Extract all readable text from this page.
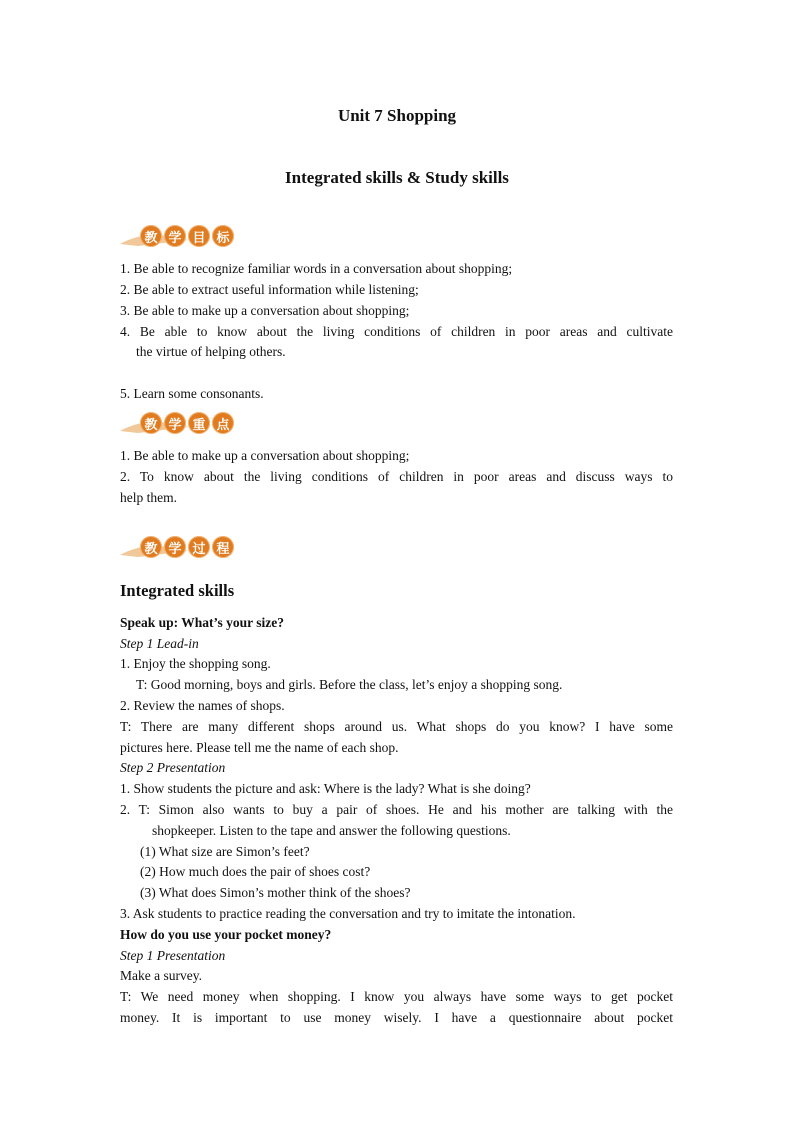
Unit 7 Shopping
Integrated skills & Study skills
教 学 目 标
1. Be able to recognize familiar words in a conversation about shopping;
2. Be able to extract useful information while listening;
3. Be able to make up a conversation about shopping;
4. Be able to know about the living conditions of children in poor areas and cultivate
the virtue of helping others.
5. Learn some consonants.
教 学 重 点
1. Be able to make up a conversation about shopping;
2. To know about the living conditions of children in poor areas and discuss ways to
help them.
教 学 过 程
Integrated skills
Speak up: What’s your size?
Step 1 Lead-in
1. Enjoy the shopping song.
T: Good morning, boys and girls. Before the class, let’s enjoy a shopping song.
2. Review the names of shops.
T: There are many different shops around us. What shops do you know? I have some
pictures here. Please tell me the name of each shop.
Step 2 Presentation
1. Show students the picture and ask: Where is the lady? What is she doing?
2. T: Simon also wants to buy a pair of shoes. He and his mother are talking with the
shopkeeper. Listen to the tape and answer the following questions.
(1) What size are Simon’s feet?
(2) How much does the pair of shoes cost?
(3) What does Simon’s mother think of the shoes?
3. Ask students to practice reading the conversation and try to imitate the intonation.
How do you use your pocket money?
Step 1 Presentation
Make a survey.
T: We need money when shopping. I know you always have some ways to get pocket
money. It is important to use money wisely. I have a questionnaire about pocket
